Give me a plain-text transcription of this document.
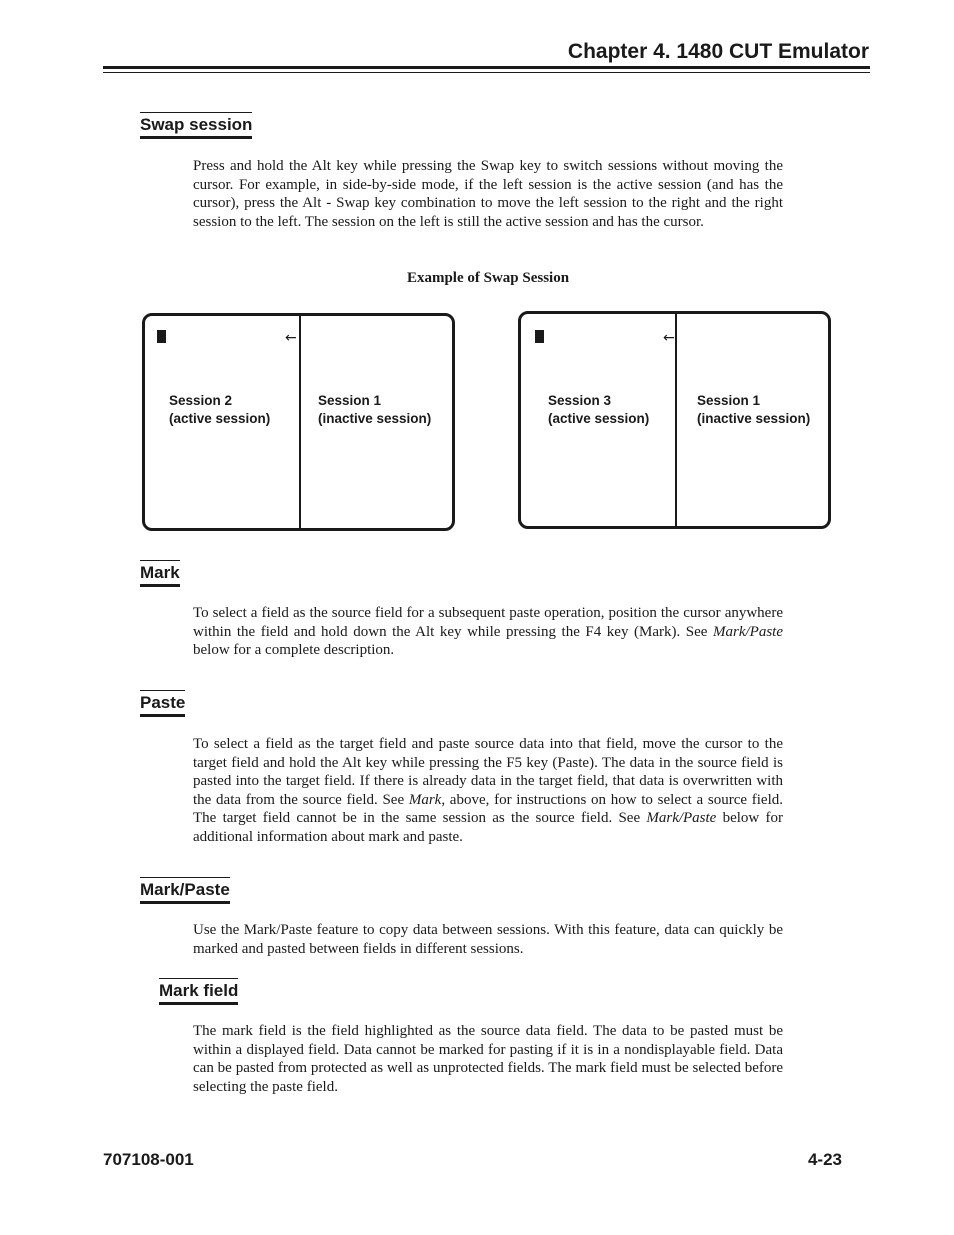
Chapter 4. 1480 CUT Emulator
Swap session

Press and hold the Alt key while pressing the Swap key to switch sessions without moving the cursor. For example, in side-by-side mode, if the left session is the active session (and has the cursor), press the Alt - Swap key combination to move the left session to the right and the right session to the left. The session on the left is still the active session and has the cursor.

Example of Swap Session
←
Session 2
(active session)
Session 1
(inactive session)
←
Session 3
(active session)
Session 1
(inactive session)
Mark

To select a field as the source field for a subsequent paste operation, position the cursor anywhere within the field and hold down the Alt key while pressing the F4 key (Mark). See Mark/Paste below for a complete description.

Paste

To select a field as the target field and paste source data into that field, move the cursor to the target field and hold the Alt key while pressing the F5 key (Paste). The data in the source field is pasted into the target field. If there is already data in the target field, that data is overwritten with the data from the source field. See Mark, above, for instructions on how to select a source field. The target field cannot be in the same session as the source field. See Mark/Paste below for additional information about mark and paste.

Mark/Paste

Use the Mark/Paste feature to copy data between sessions. With this feature, data can quickly be marked and pasted between fields in different sessions.

Mark field

The mark field is the field highlighted as the source data field. The data to be pasted must be within a displayed field. Data cannot be marked for pasting if it is in a nondisplayable field. Data can be pasted from protected as well as unprotected fields. The mark field must be selected before selecting the paste field.

707108-001	4-23
